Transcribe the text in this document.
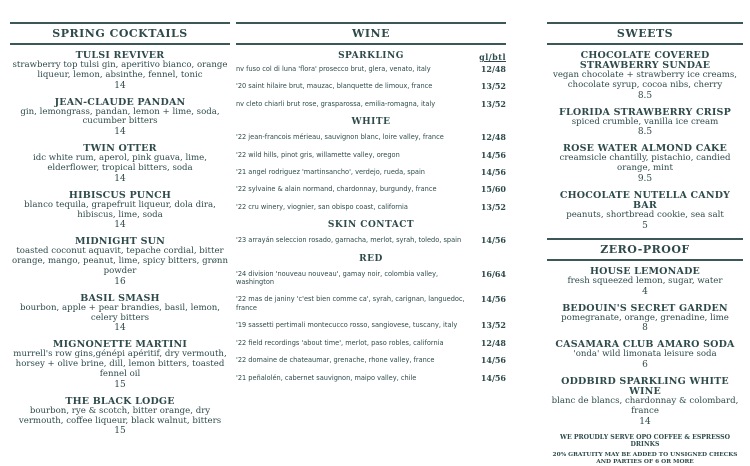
SPRING COCKTAILS
TULSI REVIVER
strawberry top tulsi gin, aperitivo bianco, orange liqueur, lemon, absinthe, fennel, tonic
14
JEAN-CLAUDE PANDAN
gin, lemongrass, pandan, lemon + lime, soda, cucumber bitters
14
TWIN OTTER
idc white rum, aperol, pink guava, lime, elderflower, tropical bitters, soda
14
HIBISCUS PUNCH
blanco tequila, grapefruit liqueur, dola dira, hibiscus, lime, soda
14
MIDNIGHT SUN
toasted coconut aquavit, tepache cordial, bitter orange, mango, peanut, lime, spicy bitters, grønn powder
16
BASIL SMASH
bourbon, apple + pear brandies, basil, lemon, celery bitters
14
MIGNONETTE MARTINI
murrell's row gins,génépi apéritif, dry vermouth, horsey + olive brine, dill, lemon bitters, toasted fennel oil
15
THE BLACK LODGE
bourbon, rye & scotch, bitter orange, dry vermouth, coffee liqueur, black walnut, bitters
15
WINE
SPARKLING	gl/btl
nv fuso col di luna 'flora' prosecco brut, glera, venato, italy	12/48
'20 saint hilaire brut, mauzac, blanquette de limoux, france	13/52
nv cleto chiarli brut rose, grasparossa, emilia-romagna, italy	13/52
WHITE
'22 jean-francois mérieau, sauvignon blanc, loire valley, france	12/48
'22 wild hills, pinot gris, willamette valley, oregon	14/56
'21 angel rodriguez 'martinsancho', verdejo, rueda, spain	14/56
'22 sylvaine & alain normand, chardonnay, burgundy, france	15/60
'22 cru winery, viognier, san obispo coast, california	13/52
SKIN CONTACT
'23 arrayán seleccion rosado, garnacha, merlot, syrah, toledo, spain	14/56
RED
'24 division 'nouveau nouveau', gamay noir, colombia valley, washington
16/64
'22 mas de janiny 'c'est bien comme ca', syrah, carignan, languedoc, france
14/56
'19 sassetti pertimali montecucco rosso, sangiovese, tuscany, italy	13/52
'22 field recordings 'about time', merlot, paso robles, california	12/48
'22 domaine de chateaumar, grenache, rhone valley, france	14/56
'21 peñalolén, cabernet sauvignon, maipo valley, chile	14/56
SWEETS
CHOCOLATE COVERED STRAWBERRY SUNDAE
vegan chocolate + strawberry ice creams, chocolate syrup, cocoa nibs, cherry
8.5
FLORIDA STRAWBERRY CRISP
spiced crumble, vanilla ice cream
8.5
ROSE WATER ALMOND CAKE
creamsicle chantilly, pistachio, candied orange, mint
9.5
CHOCOLATE NUTELLA CANDY BAR
peanuts, shortbread cookie, sea salt
5
ZERO-PROOF
HOUSE LEMONADE
fresh squeezed lemon, sugar, water
4
BEDOUIN'S SECRET GARDEN
pomegranate, orange, grenadine, lime
8
CASAMARA CLUB AMARO SODA
'onda' wild limonata leisure soda
6
ODDBIRD SPARKLING WHITE WINE
blanc de blancs, chardonnay & colombard, france
14
WE PROUDLY SERVE OPO COFFEE & ESPRESSO DRINKS
20% GRATUITY MAY BE ADDED TO UNSIGNED CHECKS AND PARTIES OF 6 OR MORE
